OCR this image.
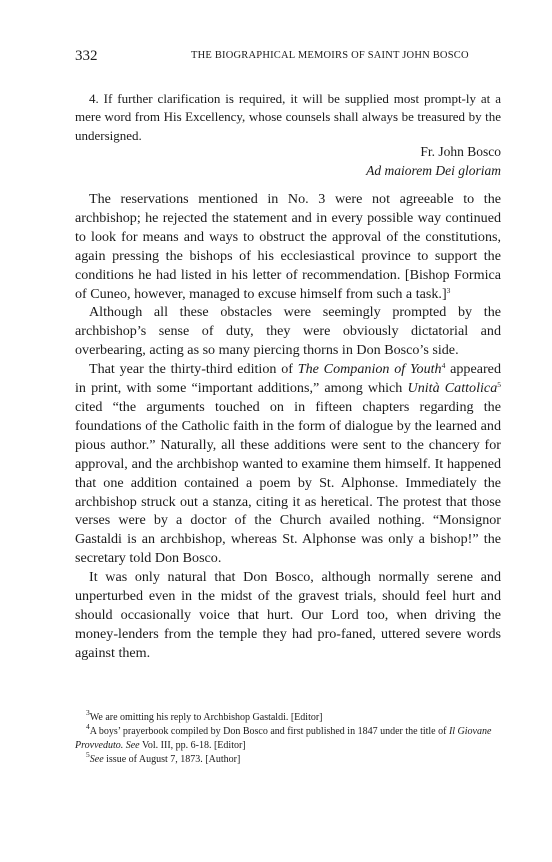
332	THE BIOGRAPHICAL MEMOIRS OF SAINT JOHN BOSCO

4. If further clarification is required, it will be supplied most prompt-ly at a mere word from His Excellency, whose counsels shall always be treasured by the undersigned.

Fr. John Bosco
Ad maiorem Dei gloriam

The reservations mentioned in No. 3 were not agreeable to the archbishop; he rejected the statement and in every possible way continued to look for means and ways to obstruct the approval of the constitutions, again pressing the bishops of his ecclesiastical province to support the conditions he had listed in his letter of recommendation. [Bishop Formica of Cuneo, however, managed to excuse himself from such a task.]$^3$

Although all these obstacles were seemingly prompted by the archbishop’s sense of duty, they were obviously dictatorial and overbearing, acting as so many piercing thorns in Don Bosco’s side.

That year the thirty-third edition of The Companion of Youth$^4$ appeared in print, with some “important additions,” among which Unità Cattolica$^5$ cited “the arguments touched on in fifteen chapters regarding the foundations of the Catholic faith in the form of dialogue by the learned and pious author.” Naturally, all these additions were sent to the chancery for approval, and the archbishop wanted to examine them himself. It happened that one addition contained a poem by St. Alphonse. Immediately the archbishop struck out a stanza, citing it as heretical. The protest that those verses were by a doctor of the Church availed nothing. “Monsignor Gastaldi is an archbishop, whereas St. Alphonse was only a bishop!” the secretary told Don Bosco.

It was only natural that Don Bosco, although normally serene and unperturbed even in the midst of the gravest trials, should feel hurt and should occasionally voice that hurt. Our Lord too, when driving the money-lenders from the temple they had pro-faned, uttered severe words against them.

$^3$We are omitting his reply to Archbishop Gastaldi. [Editor]

$^4$A boys’ prayerbook compiled by Don Bosco and first published in 1847 under the title of Il Giovane Provveduto. See Vol. III, pp. 6-18. [Editor]

$^5$See issue of August 7, 1873. [Author]
